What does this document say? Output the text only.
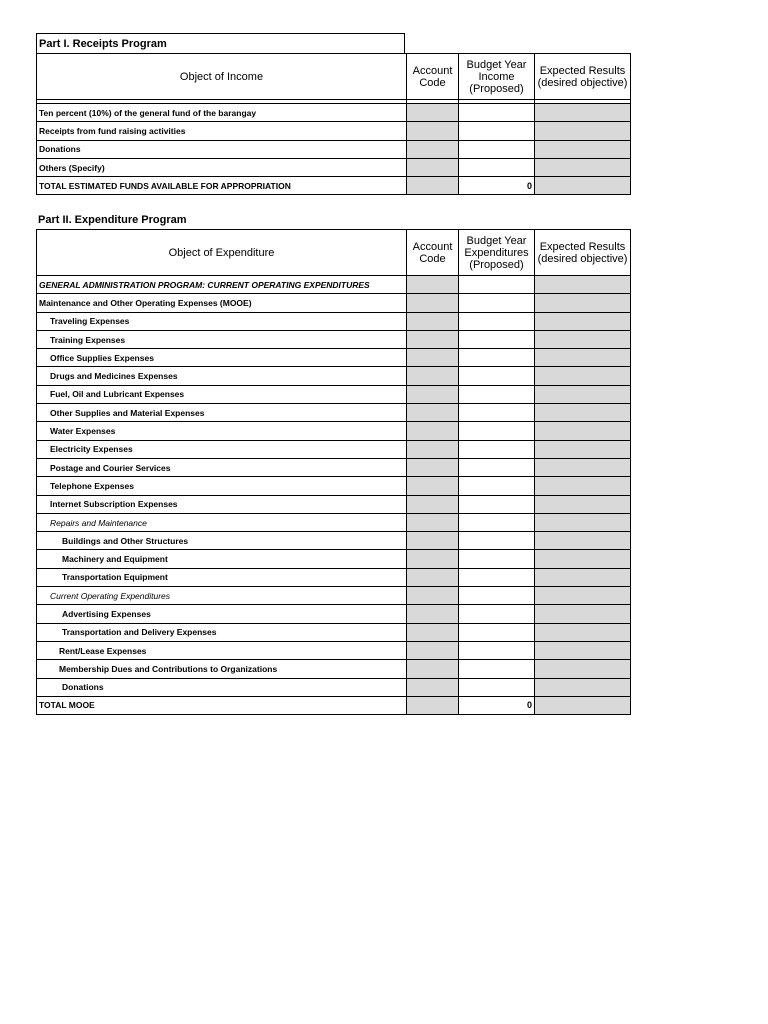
Part I. Receipts Program
Object of Income	Account Code	Budget Year Income (Proposed)	Expected Results (desired objective)

Ten percent (10%) of the general fund of the barangay			
Receipts from fund raising activities			
Donations			
Others (Specify)			
TOTAL ESTIMATED FUNDS AVAILABLE FOR APPROPRIATION		0	
Part II. Expenditure Program
Object of Expenditure	Account Code	Budget Year Expenditures (Proposed)	Expected Results (desired objective)
GENERAL ADMINISTRATION PROGRAM: CURRENT OPERATING EXPENDITURES			
Maintenance and Other Operating Expenses (MOOE)			
Traveling Expenses			
Training Expenses			
Office Supplies Expenses			
Drugs and Medicines Expenses			
Fuel, Oil and Lubricant Expenses			
Other Supplies and Material Expenses			
Water Expenses			
Electricity Expenses			
Postage and Courier Services			
Telephone Expenses			
Internet Subscription Expenses			
Repairs and Maintenance			
Buildings and Other Structures			
Machinery and Equipment			
Transportation Equipment			
Current Operating Expenditures			
Advertising Expenses			
Transportation and Delivery Expenses			
Rent/Lease Expenses			
Membership Dues and Contributions to Organizations			
Donations			
TOTAL MOOE		0	
